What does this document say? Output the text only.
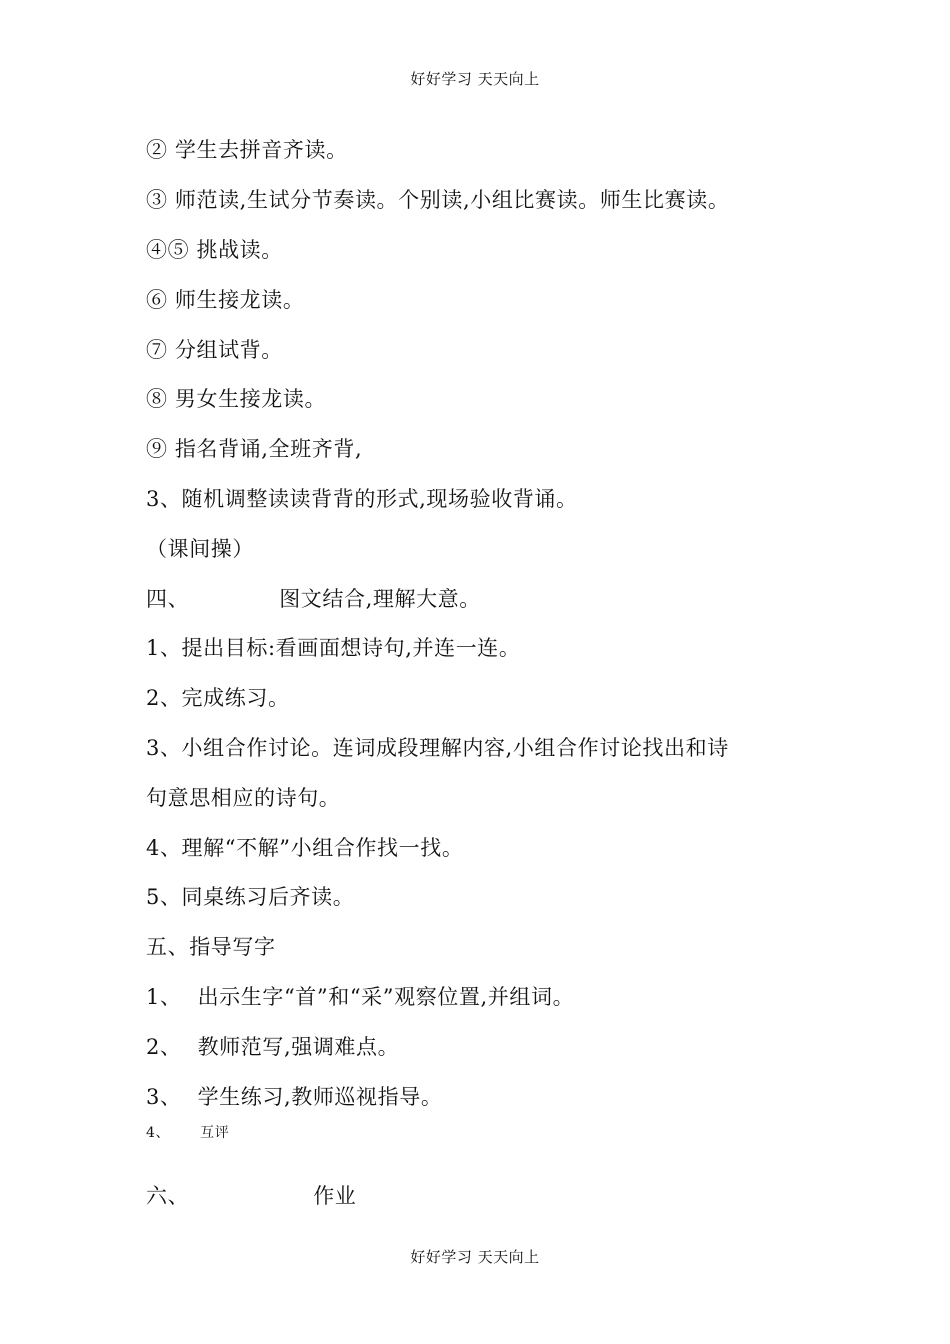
好好学习 天天向上
② 学生去拼音齐读。
③ 师范读,生试分节奏读。个别读,小组比赛读。师生比赛读。
④⑤ 挑战读。
⑥ 师生接龙读。
⑦ 分组试背。
⑧ 男女生接龙读。
⑨ 指名背诵,全班齐背,
3、随机调整读读背背的形式,现场验收背诵。
（课间操）
四、	图文结合,理解大意。
1、提出目标:看画面想诗句,并连一连。
2、完成练习。
3、小组合作讨论。连词成段理解内容,小组合作讨论找出和诗
句意思相应的诗句。
4、理解“不解”小组合作找一找。
5、同桌练习后齐读。
五、指导写字
1、 出示生字“首”和“采”观察位置,并组词。
2、 教师范写,强调难点。
3、 学生练习,教师巡视指导。
4、 互评
六、	作业
好好学习 天天向上
